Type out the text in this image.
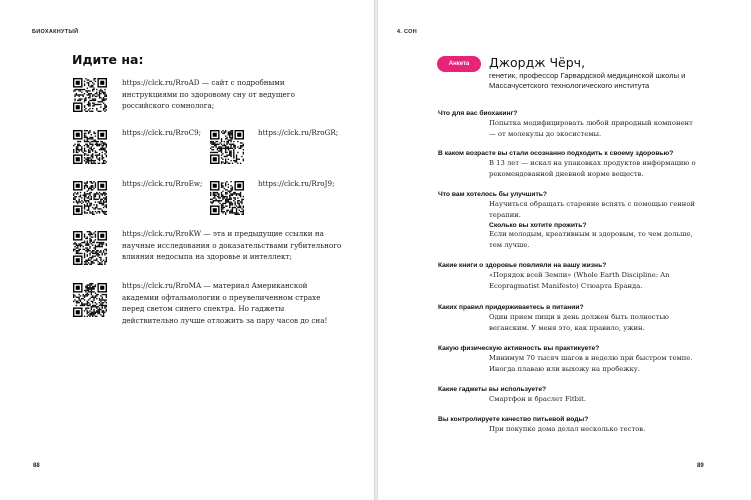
БИОХАКНУТЫЙ
Идите на:
https://clck.ru/RroAD — сайт с подробными инструкциями по здоровому сну от ведущего российского сомнолога;
https://clck.ru/RroC9;	https://clck.ru/RroGR;
https://clck.ru/RroEw;	https://clck.ru/RroJ9;
https://clck.ru/RroKW — эта и предыдущие ссылки на научные исследования о доказательствами губительного влияния недосыпа на здоровье и интеллект;
https://clck.ru/RroMA — материал Американской академии офтальмологии о преувеличенном страхе перед светом синего спектра. Но гаджеты действительно лучше отложить за пару часов до сна!
88
4. СОН
Анкета	Джордж Чёрч,
генетик, профессор Гарвардской медицинской школы и Массачусетского технологического института
Что для вас биохакинг?
Попытка модифицировать любой природный компонент — от молекулы до экосистемы.
В каком возрасте вы стали осознанно подходить к своему здоровью?
В 13 лет — искал на упаковках продуктов информацию о рекомендованной дневной норме веществ.
Что вам хотелось бы улучшить?
Научиться обращать старение вспять с помощью генной терапии.
Сколько вы хотите прожить?
Если молодым, креативным и здоровым, то чем дольше, тем лучше.
Какие книги о здоровье повлияли на вашу жизнь?
«Порядок всей Земли» (Whole Earth Discipline: An Ecopragmatist Manifesto) Стюарта Бранда.
Каких правил придерживаетесь в питании?
Один прием пищи в день должен быть полностью веганским. У меня это, как правило, ужин.
Какую физическую активность вы практикуете?
Минимум 70 тысяч шагов в неделю при быстром темпе.
Иногда плаваю или выхожу на пробежку.
Какие гаджеты вы используете?
Смартфон и браслет Fitbit.
Вы контролируете качество питьевой воды?
При покупке дома делал несколько тестов.
89
